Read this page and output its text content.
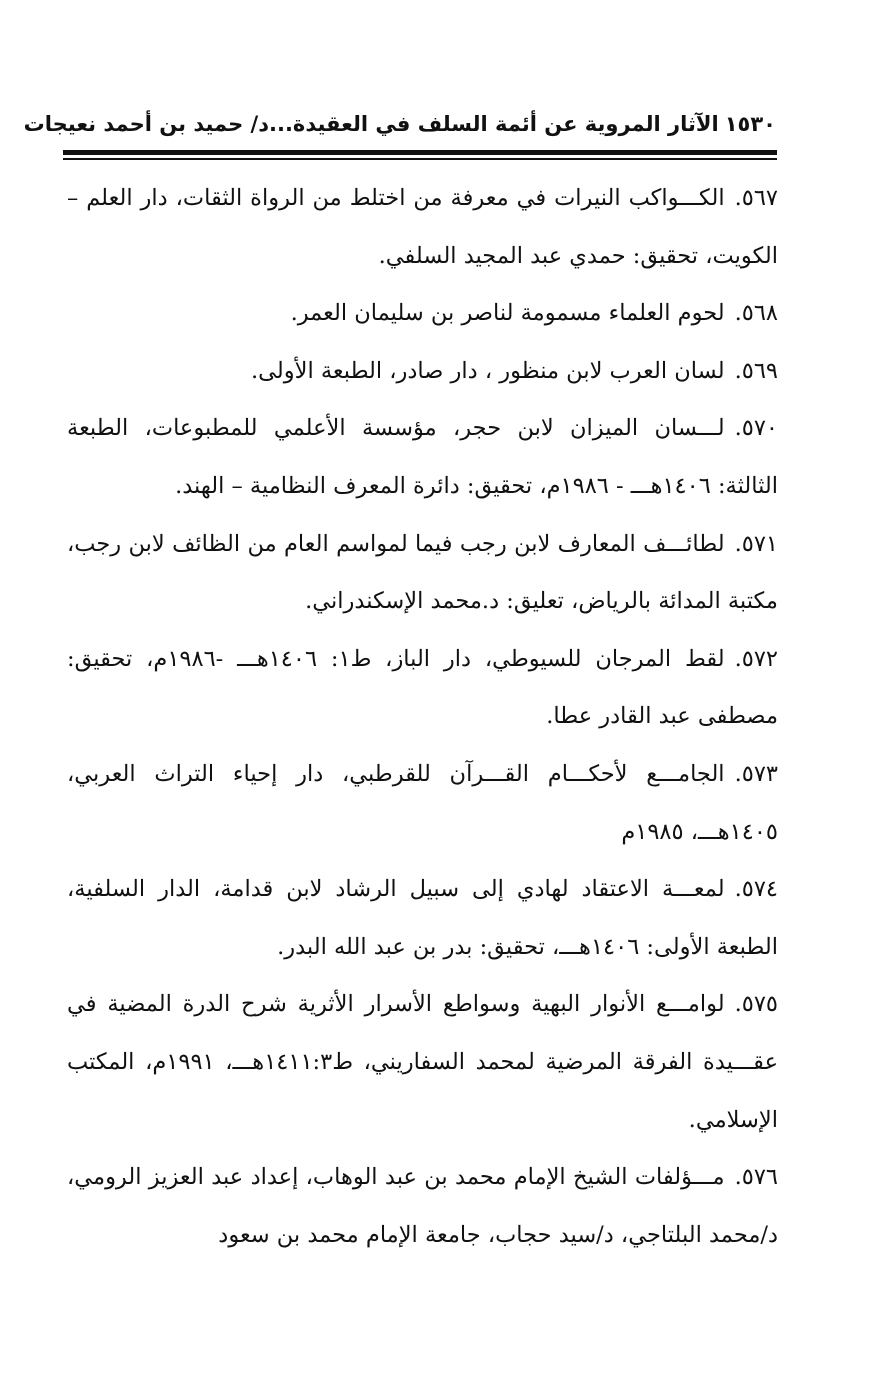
١٥٣٠الآثار المروية عن أئمة السلف في العقيدة...د/ حميد بن أحمد نعيجات

٥٦٧.الكـــواكب النيرات في معرفة من اختلط من الرواة الثقات، دار العلم – الكويت، تحقيق: حمدي عبد المجيد السلفي.

٥٦٨.لحوم العلماء مسمومة لناصر بن سليمان العمر.

٥٦٩.لسان العرب لابن منظور ، دار صادر، الطبعة الأولى.

٥٧٠.لـــسان الميزان لابن حجر، مؤسسة الأعلمي للمطبوعات، الطبعة الثالثة: ١٤٠٦هـــ - ١٩٨٦م، تحقيق: دائرة المعرف النظامية – الهند.

٥٧١.لطائـــف المعارف لابن رجب فيما لمواسم العام من الظائف لابن رجب، مكتبة المدائة بالرياض، تعليق: د.محمد الإسكندراني.

٥٧٢.لقط المرجان للسيوطي، دار الباز، ط١: ١٤٠٦هـــ -١٩٨٦م، تحقيق: مصطفى عبد القادر عطا.

٥٧٣.الجامـــع لأحكـــام القـــرآن للقرطبي، دار إحياء التراث العربي، ١٤٠٥هـــ، ١٩٨٥م

٥٧٤.لمعـــة الاعتقاد لهادي إلى سبيل الرشاد لابن قدامة، الدار السلفية، الطبعة الأولى: ١٤٠٦هـــ، تحقيق: بدر بن عبد الله البدر.

٥٧٥.لوامـــع الأنوار البهية وسواطع الأسرار الأثرية شرح الدرة المضية في عقـــيدة الفرقة المرضية لمحمد السفاريني، ط١٤١١:٣هـــ، ١٩٩١م، المكتب الإسلامي.

٥٧٦.مـــؤلفات الشيخ الإمام محمد بن عبد الوهاب، إعداد عبد العزيز الرومي، د/محمد البلتاجي، د/سيد حجاب، جامعة الإمام محمد بن سعود
